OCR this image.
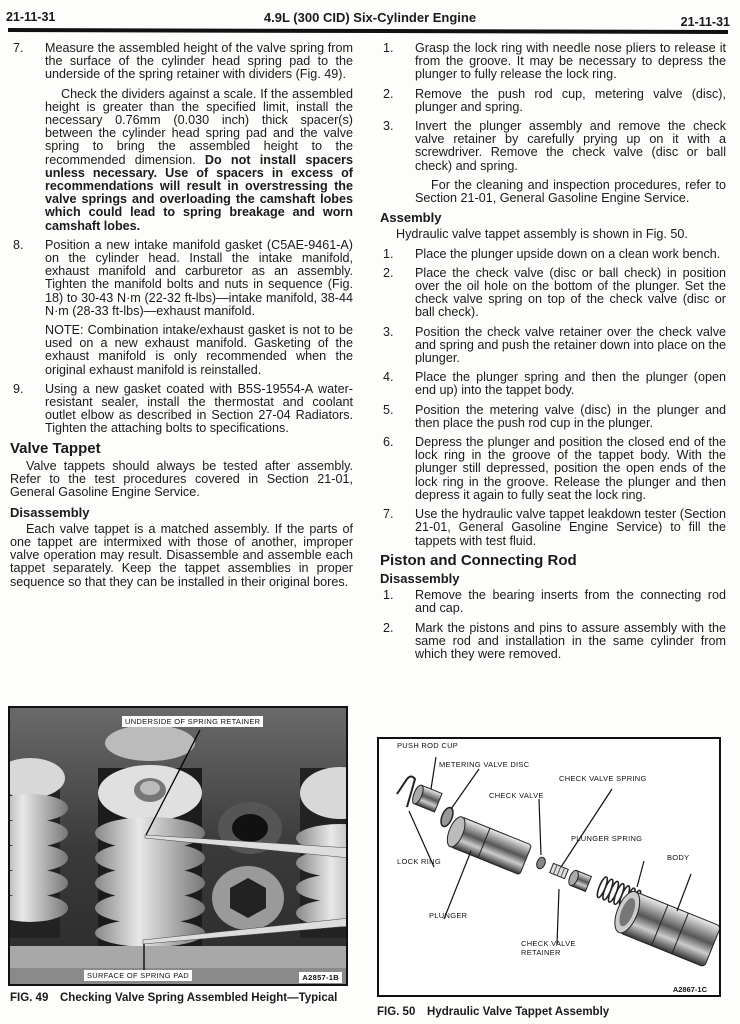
21-11-31	4.9L (300 CID) Six-Cylinder Engine	21-11-31
7.	Measure the assembled height of the valve spring from the surface of the cylinder head spring pad to the underside of the spring retainer with dividers (Fig. 49).

Check the dividers against a scale. If the assembled height is greater than the specified limit, install the necessary 0.76mm (0.030 inch) thick spacer(s) between the cylinder head spring pad and the valve spring to bring the assembled height to the recommended dimension. Do not install spacers unless necessary. Use of spacers in excess of recommendations will result in overstressing the valve springs and overloading the camshaft lobes which could lead to spring breakage and worn camshaft lobes.

8.	Position a new intake manifold gasket (C5AE-9461-A) on the cylinder head. Install the intake manifold, exhaust manifold and carburetor as an assembly. Tighten the manifold bolts and nuts in sequence (Fig. 18) to 30-43 N·m (22-32 ft-lbs)—intake manifold, 38-44 N·m (28-33 ft-lbs)—exhaust manifold.

NOTE: Combination intake/exhaust gasket is not to be used on a new exhaust manifold. Gasketing of the exhaust manifold is only recommended when the original exhaust manifold is reinstalled.

9.	Using a new gasket coated with B5S-19554-A water-resistant sealer, install the thermostat and coolant outlet elbow as described in Section 27-04 Radiators. Tighten the attaching bolts to specifications.
Valve Tappet

Valve tappets should always be tested after assembly. Refer to the test procedures covered in Section 21-01, General Gasoline Engine Service.

Disassembly

Each valve tappet is a matched assembly. If the parts of one tappet are intermixed with those of another, improper valve operation may result. Disassemble and assemble each tappet separately. Keep the tappet assemblies in proper sequence so that they can be installed in their original bores.

1.	Grasp the lock ring with needle nose pliers to release it from the groove. It may be necessary to depress the plunger to fully release the lock ring.
2.	Remove the push rod cup, metering valve (disc), plunger and spring.
3.	Invert the plunger assembly and remove the check valve retainer by carefully prying up on it with a screwdriver. Remove the check valve (disc or ball check) and spring.

For the cleaning and inspection procedures, refer to Section 21-01, General Gasoline Engine Service.

Assembly

Hydraulic valve tappet assembly is shown in Fig. 50.

1.	Place the plunger upside down on a clean work bench.
2.	Place the check valve (disc or ball check) in position over the oil hole on the bottom of the plunger. Set the check valve spring on top of the check valve (disc or ball check).
3.	Position the check valve retainer over the check valve and spring and push the retainer down into place on the plunger.
4.	Place the plunger spring and then the plunger (open end up) into the tappet body.
5.	Position the metering valve (disc) in the plunger and then place the push rod cup in the plunger.
6.	Depress the plunger and position the closed end of the lock ring in the groove of the tappet body. With the plunger still depressed, position the open ends of the lock ring in the groove. Release the plunger and then depress it again to fully seat the lock ring.
7.	Use the hydraulic valve tappet leakdown tester (Section 21-01, General Gasoline Engine Service) to fill the tappets with test fluid.
Piston and Connecting Rod
Disassembly
1.	Remove the bearing inserts from the connecting rod and cap.
2.	Mark the pistons and pins to assure assembly with the same rod and installation in the same cylinder from which they were removed.
UNDERSIDE OF SPRING RETAINER
SURFACE OF SPRING PAD	A2857-1B
FIG. 49 Checking Valve Spring Assembled Height—Typical
PUSH ROD CUP
METERING VALVE DISC
CHECK VALVE SPRING
CHECK VALVE
PLUNGER SPRING
BODY
LOCK RING
PLUNGER
CHECK VALVE
RETAINER
A2867-1C
FIG. 50 Hydraulic Valve Tappet Assembly
